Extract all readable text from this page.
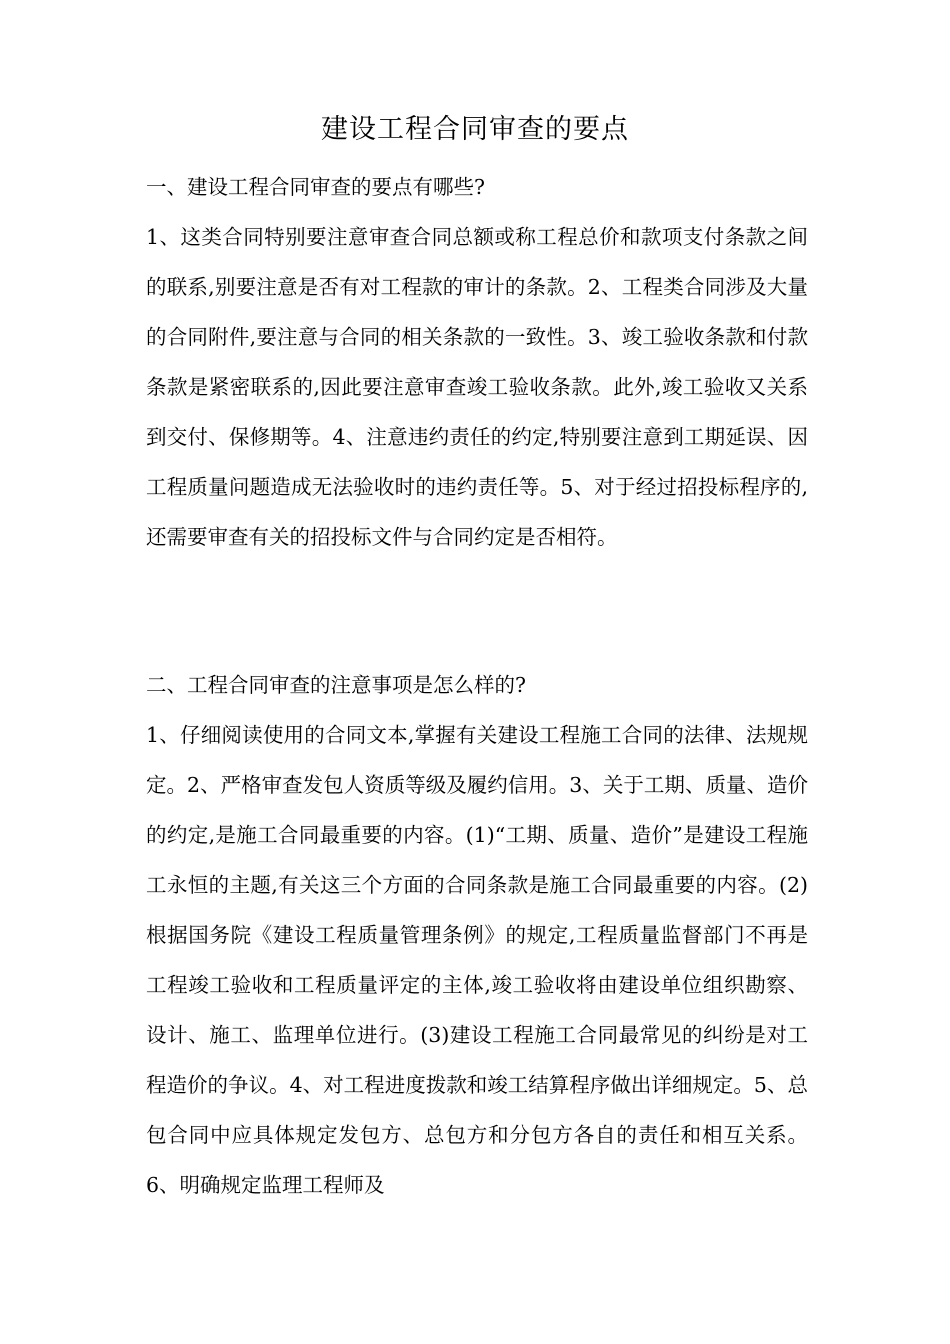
建设工程合同审查的要点

一、建设工程合同审查的要点有哪些?

1、这类合同特别要注意审查合同总额或称工程总价和款项支付条款之间的联系,别要注意是否有对工程款的审计的条款。2、工程类合同涉及大量的合同附件,要注意与合同的相关条款的一致性。3、竣工验收条款和付款条款是紧密联系的,因此要注意审查竣工验收条款。此外,竣工验收又关系到交付、保修期等。4、注意违约责任的约定,特别要注意到工期延误、因工程质量问题造成无法验收时的违约责任等。5、对于经过招投标程序的,还需要审查有关的招投标文件与合同约定是否相符。

二、工程合同审查的注意事项是怎么样的?

1、仔细阅读使用的合同文本,掌握有关建设工程施工合同的法律、法规规定。2、严格审查发包人资质等级及履约信用。3、关于工期、质量、造价的约定,是施工合同最重要的内容。(1)“工期、质量、造价”是建设工程施工永恒的主题,有关这三个方面的合同条款是施工合同最重要的内容。(2)根据国务院《建设工程质量管理条例》的规定,工程质量监督部门不再是工程竣工验收和工程质量评定的主体,竣工验收将由建设单位组织勘察、设计、施工、监理单位进行。(3)建设工程施工合同最常见的纠纷是对工程造价的争议。4、对工程进度拨款和竣工结算程序做出详细规定。5、总包合同中应具体规定发包方、总包方和分包方各自的责任和相互关系。6、明确规定监理工程师及
